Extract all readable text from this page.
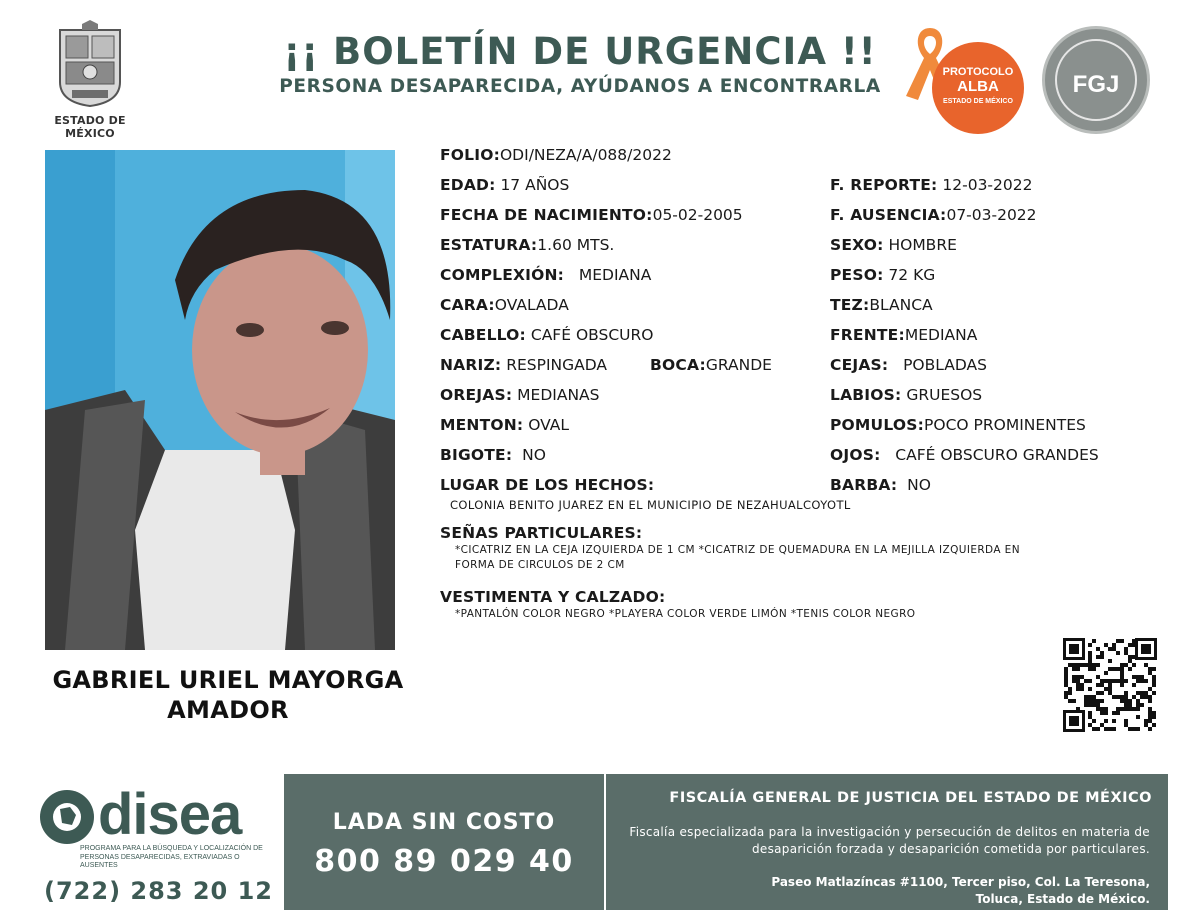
ESTADO DE MÉXICO
¡¡ BOLETÍN DE URGENCIA !!
PERSONA DESAPARECIDA, AYÚDANOS A ENCONTRARLA
PROTOCOLO
ALBA
ESTADO DE MÉXICO
FGJ
GABRIEL URIEL MAYORGA
AMADOR
FOLIO:ODI/NEZA/A/088/2022
EDAD: 17 AÑOS	F. REPORTE: 12-03-2022
FECHA DE NACIMIENTO:05-02-2005	F. AUSENCIA:07-03-2022
ESTATURA:1.60 MTS.	SEXO: HOMBRE
COMPLEXIÓN:   MEDIANA	PESO: 72 KG
CARA:OVALADA	TEZ:BLANCA
CABELLO: CAFÉ OBSCURO	FRENTE:MEDIANA
NARIZ: RESPINGADA	BOCA:GRANDE	CEJAS:   POBLADAS
OREJAS: MEDIANAS	LABIOS: GRUESOS
MENTON: OVAL	POMULOS:POCO PROMINENTES
BIGOTE:  NO	OJOS:   CAFÉ OBSCURO GRANDES
LUGAR DE LOS HECHOS:	BARBA:  NO
COLONIA BENITO JUAREZ EN EL MUNICIPIO DE NEZAHUALCOYOTL
SEÑAS PARTICULARES:
*CICATRIZ EN LA CEJA IZQUIERDA DE 1 CM *CICATRIZ DE QUEMADURA EN LA MEJILLA IZQUIERDA EN
FORMA DE CIRCULOS DE 2 CM
VESTIMENTA Y CALZADO:
*PANTALÓN COLOR NEGRO *PLAYERA COLOR VERDE LIMÓN *TENIS COLOR NEGRO
disea
PROGRAMA PARA LA BÚSQUEDA Y LOCALIZACIÓN DE PERSONAS DESAPARECIDAS, EXTRAVIADAS O AUSENTES
(722) 283 20 12
LADA SIN COSTO
800 89 029 40
FISCALÍA GENERAL DE JUSTICIA DEL ESTADO DE MÉXICO
Fiscalía especializada para la investigación y persecución de delitos en materia de desaparición forzada y desaparición cometida por particulares.
Paseo Matlazíncas #1100, Tercer piso, Col. La Teresona,
Toluca, Estado de México.
